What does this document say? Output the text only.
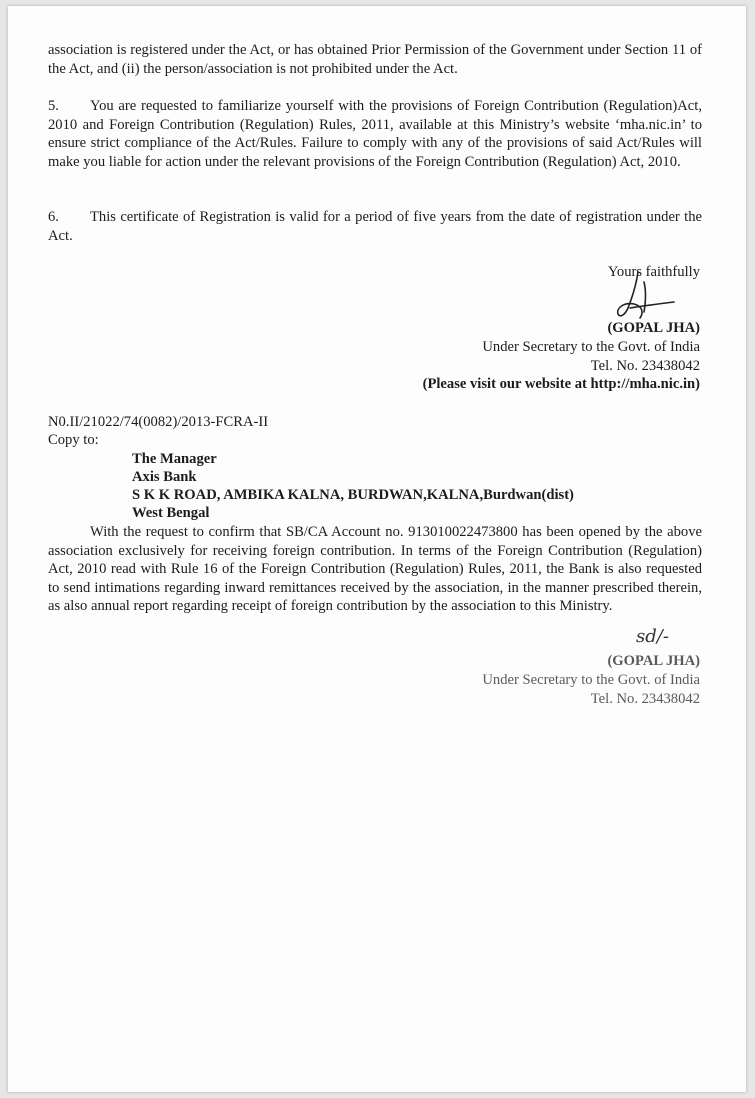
association is registered under the Act, or has obtained Prior Permission of the Government under Section 11 of the Act, and (ii) the person/association is not prohibited under the Act.

5. You are requested to familiarize yourself with the provisions of Foreign Contribution (Regulation)Act, 2010 and Foreign Contribution (Regulation) Rules, 2011, available at this Ministry’s website ‘mha.nic.in’ to ensure strict compliance of the Act/Rules. Failure to comply with any of the provisions of said Act/Rules will make you liable for action under the relevant provisions of the Foreign Contribution (Regulation) Act, 2010.

6. This certificate of Registration is valid for a period of five years from the date of registration under the Act.

Yours faithfully
(GOPAL JHA)
Under Secretary to the Govt. of India
Tel. No. 23438042
(Please visit our website at http://mha.nic.in)
N0.II/21022/74(0082)/2013-FCRA-II
Copy to:
The Manager
Axis Bank
S K K ROAD, AMBIKA KALNA, BURDWAN,KALNA,Burdwan(dist)
West Bengal

With the request to confirm that SB/CA Account no. 913010022473800 has been opened by the above association exclusively for receiving foreign contribution. In terms of the Foreign Contribution (Regulation) Act, 2010 read with Rule 16 of the Foreign Contribution (Regulation) Rules, 2011, the Bank is also requested to send intimations regarding inward remittances received by the association, in the manner prescribed therein, as also annual report regarding receipt of foreign contribution by the association to this Ministry.

sd/-
(GOPAL JHA)
Under Secretary to the Govt. of India
Tel. No. 23438042
